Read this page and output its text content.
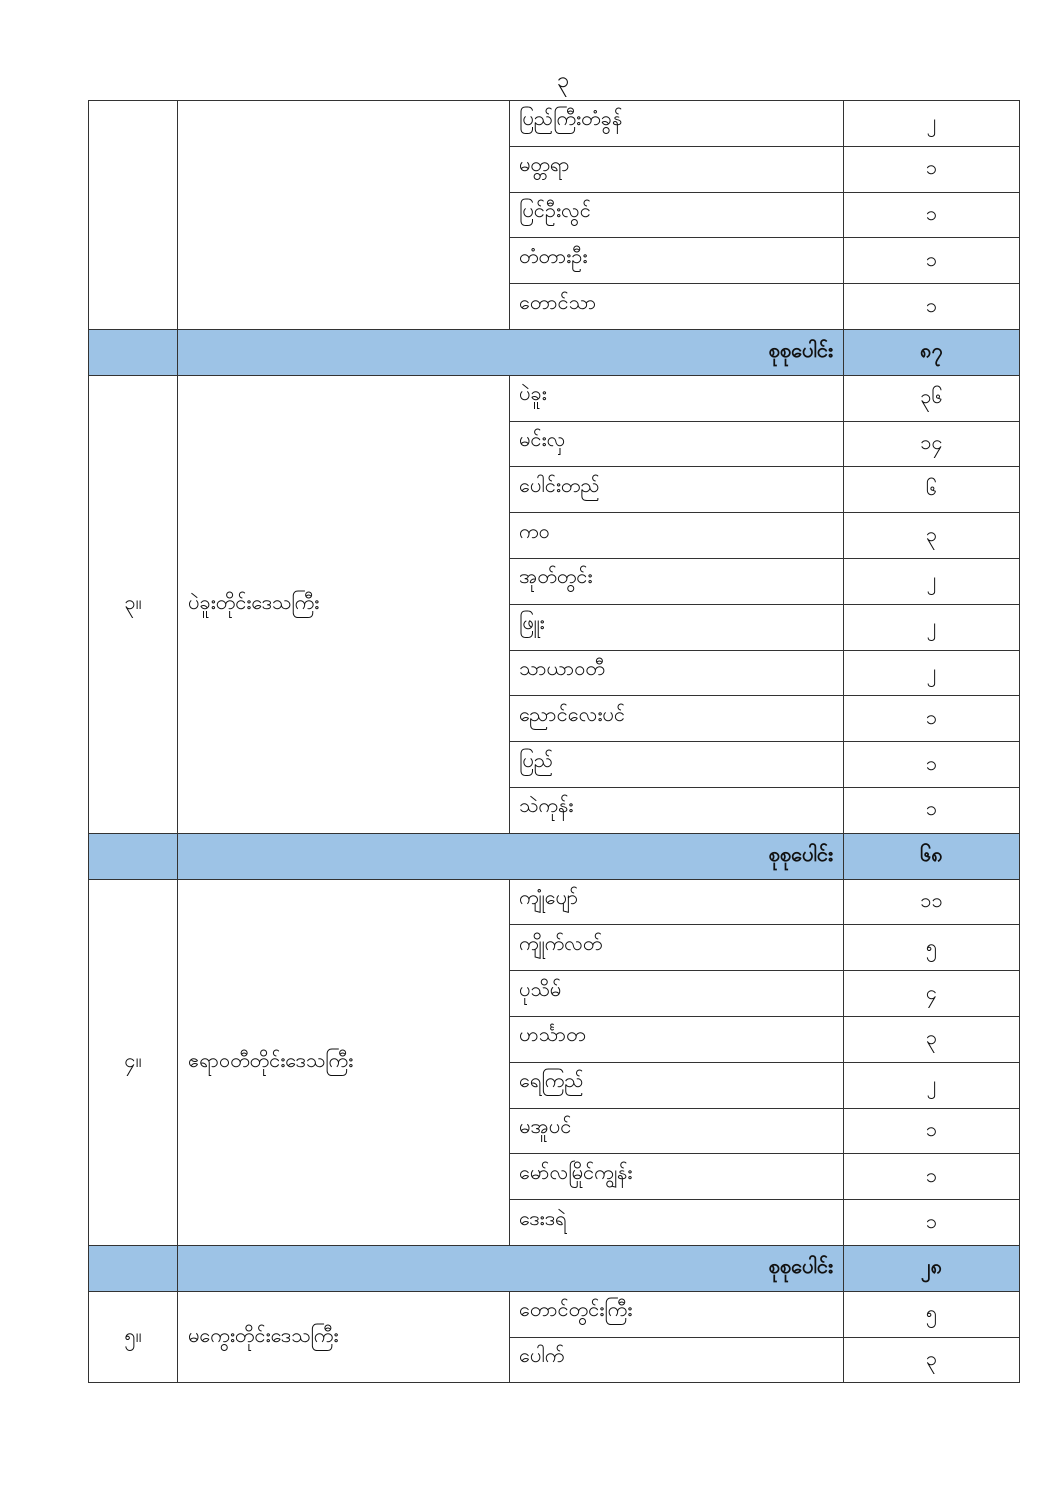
၃
		ပြည်ကြီးတံခွန်	၂
		မတ္တရာ	၁
		ပြင်ဦးလွင်	၁
		တံတားဦး	၁
		တောင်သာ	၁
	စုစုပေါင်း		၈၇
၃။	ပဲခူးတိုင်းဒေသကြီး	ပဲခူး	၃၆
		မင်းလှ	၁၄
		ပေါင်းတည်	၆
		ကဝ	၃
		အုတ်တွင်း	၂
		ဖြူး	၂
		သာယာဝတီ	၂
		ညောင်လေးပင်	၁
		ပြည်	၁
		သဲကုန်း	၁
	စုစုပေါင်း		၆၈
၄။	ဧရာဝတီတိုင်းဒေသကြီး	ကျုံပျော်	၁၁
		ကျိုက်လတ်	၅
		ပုသိမ်	၄
		ဟင်္သာတ	၃
		ရေကြည်	၂
		မအူပင်	၁
		မော်လမြိုင်ကျွန်း	၁
		ဒေးဒရဲ	၁
	စုစုပေါင်း		၂၈
၅။	မကွေးတိုင်းဒေသကြီး	တောင်တွင်းကြီး	၅
		ပေါက်	၃
